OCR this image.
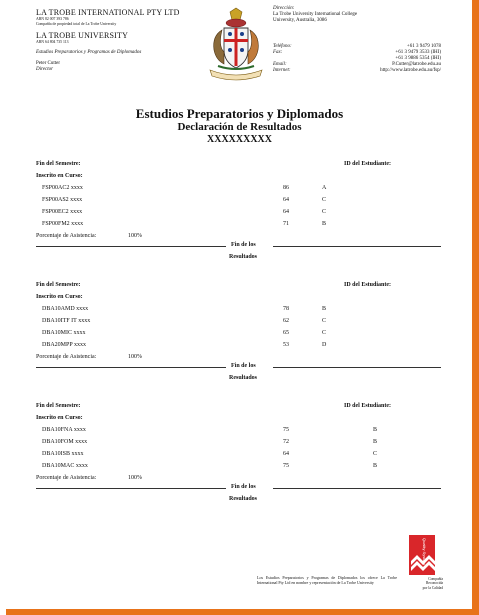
LA TROBE INTERNATIONAL PTY LTD
ABN 82 007 393 786
Compañía de propiedad total de La Trobe University
LA TROBE UNIVERSITY
ABN 64 804 735 113
Estudios Preparatorios y Programas de Diplomados
Peter Cutter
Director
Dirección:
La Trobe University International College
University, Australia, 3086
Teléfono:	+61 3 9479 1078
Fax:	+61 3 9479 3533 (IHI)
+61 3 9886 5354 (IHI)
Email:	P.Cutter@latrobe.edu.au
Internet:	http://www.latrobe.edu.au/fsp/
Estudios Preparatorios y Diplomados
Declaración de Resultados
XXXXXXXXX
Fin del Semestre:	ID del Estudiante:
Inscrito en Curso:
FSP00AC2 xxxx	86	A
FSP00AS2 xxxx	64	C
FSP00EC2 xxxx	64	C
FSP00FM2 xxxx	71	B
Porcentaje de Asistencia:	100%
Fin de los
Resultados
Fin del Semestre:	ID del Estudiante:
Inscrito en Curso:
DBA10AMD xxxx	78	B
DBA10ITF IT xxxx	62	C
DBA10MIC xxxx	65	C
DBA20MPP xxxx	53	D
Porcentaje de Asistencia:	100%
Fin de los
Resultados
Fin del Semestre:	ID del Estudiante:
Inscrito en Curso:
DBA10FNA xxxx	75	B
DBA10FOM xxxx	72	B
DBA10ISB xxxx	64	C
DBA10MAC xxxx	75	B
Porcentaje de Asistencia:	100%
Fin de los
Resultados
Los Estudios Preparatorios y Programas de Diplomados los ofrece La Trobe International Pty Ltd en nombre y representación de La Trobe University
Quality System
Compañía
Reconocida
por la Calidad
